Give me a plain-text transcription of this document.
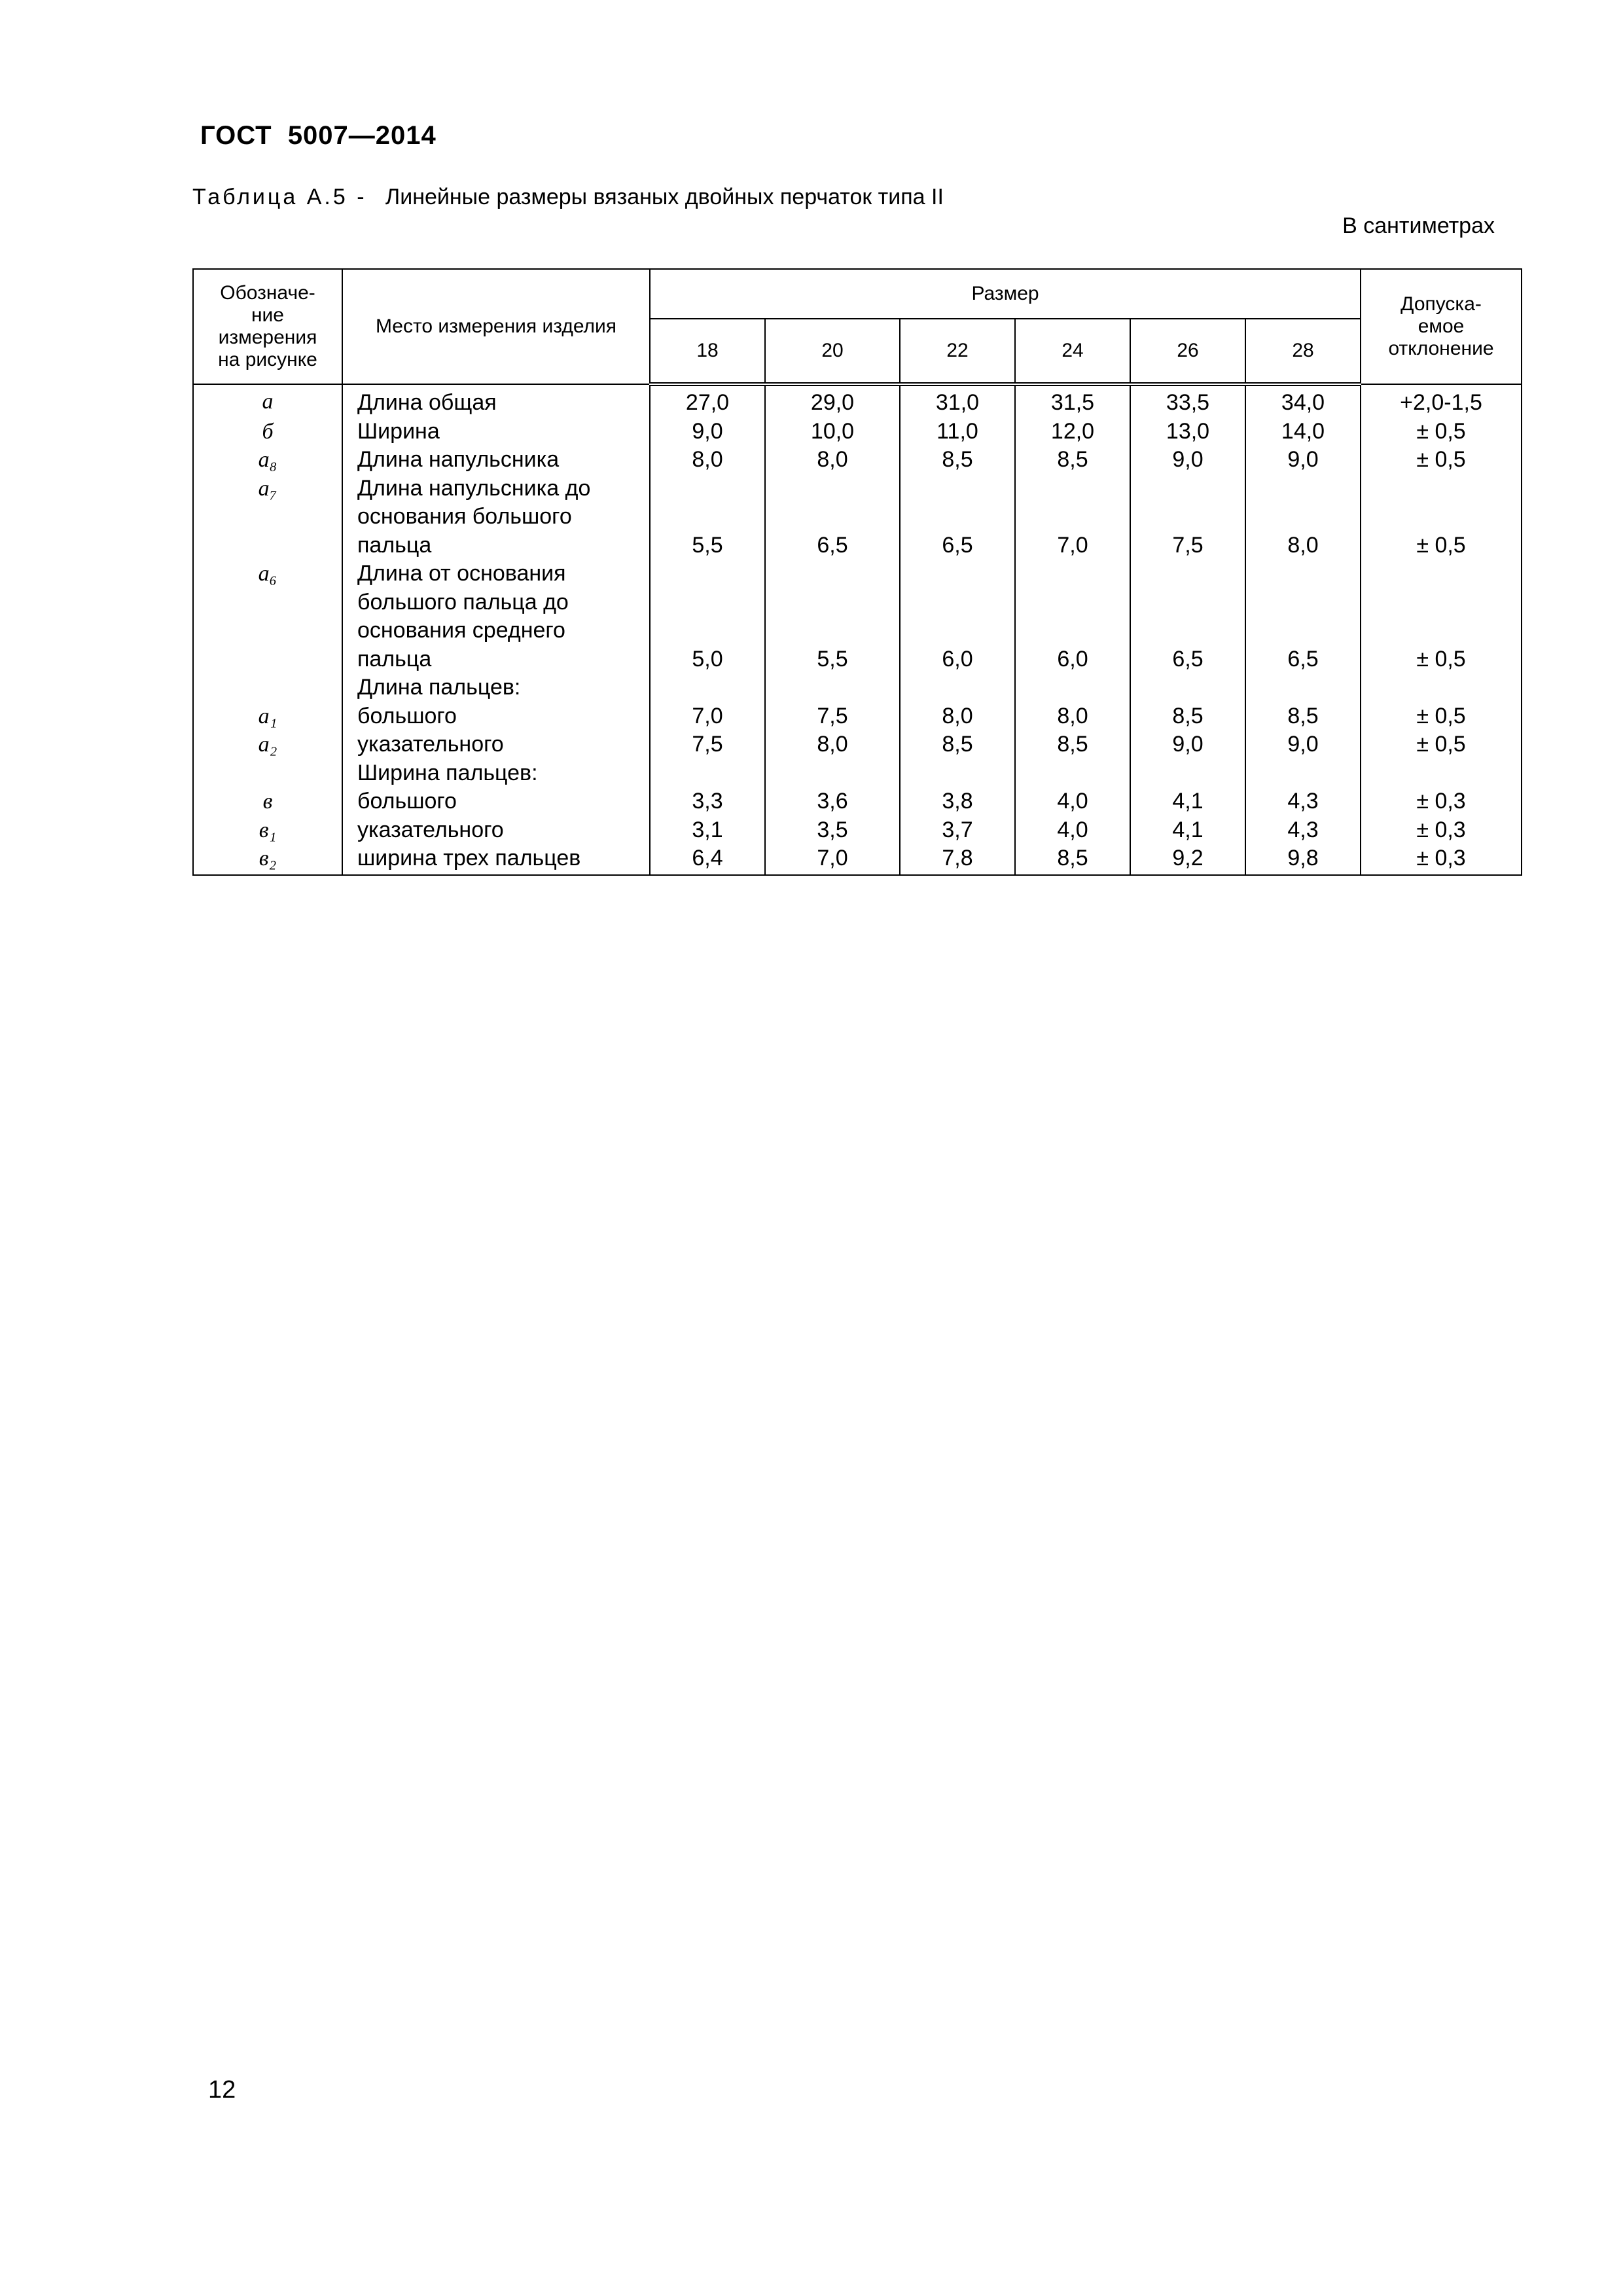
ГОСТ  5007—2014
Таблица А.5 - Линейные размеры вязаных двойных перчаток типа II
В сантиметрах
Обозначе-
ние
измерения
на рисунке	Место измерения изделия	Размер						Допуска-
емое
отклонение
		18	20	22	24	26	28	
а	Длина общая	27,0	29,0	31,0	31,5	33,5	34,0	+2,0-1,5
б	Ширина	9,0	10,0	11,0	12,0	13,0	14,0	± 0,5
а₈	Длина напульсника	8,0	8,0	8,5	8,5	9,0	9,0	± 0,5
а₇	Длина напульсника до
основания большого
пальца	5,5	6,5	6,5	7,0	7,5	8,0	± 0,5
а₆	Длина от основания
большого пальца до
основания среднего
пальца	5,0	5,5	6,0	6,0	6,5	6,5	± 0,5
	Длина пальцев:							
а₁	большого	7,0	7,5	8,0	8,0	8,5	8,5	± 0,5
а₂	указательного	7,5	8,0	8,5	8,5	9,0	9,0	± 0,5
	Ширина пальцев:							
в	большого	3,3	3,6	3,8	4,0	4,1	4,3	± 0,3
в₁	указательного	3,1	3,5	3,7	4,0	4,1	4,3	± 0,3
в₂	ширина трех пальцев	6,4	7,0	7,8	8,5	9,2	9,8	± 0,3
12
